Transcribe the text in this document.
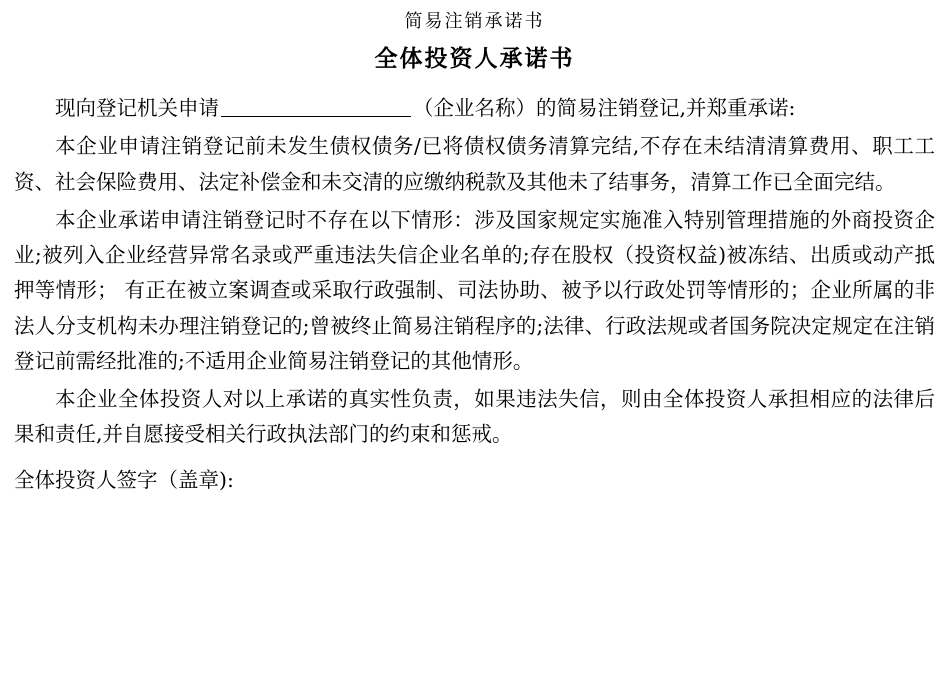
简易注销承诺书
全体投资人承诺书

现向登记机关申请	（企业名称）的简易注销登记,并郑重承诺:

本企业申请注销登记前未发生债权债务/已将债权债务清算完结,不存在未结清清算费用、职工工资、社会保险费用、法定补偿金和未交清的应缴纳税款及其他未了结事务，清算工作已全面完结。

本企业承诺申请注销登记时不存在以下情形：涉及国家规定实施准入特别管理措施的外商投资企业;被列入企业经营异常名录或严重违法失信企业名单的;存在股权（投资权益)被冻结、出质或动产抵押等情形； 有正在被立案调查或采取行政强制、司法协助、被予以行政处罚等情形的；企业所属的非法人分支机构未办理注销登记的;曾被终止简易注销程序的;法律、行政法规或者国务院决定规定在注销登记前需经批准的;不适用企业简易注销登记的其他情形。

本企业全体投资人对以上承诺的真实性负责，如果违法失信，则由全体投资人承担相应的法律后果和责任,并自愿接受相关行政执法部门的约束和惩戒。

全体投资人签字（盖章):
